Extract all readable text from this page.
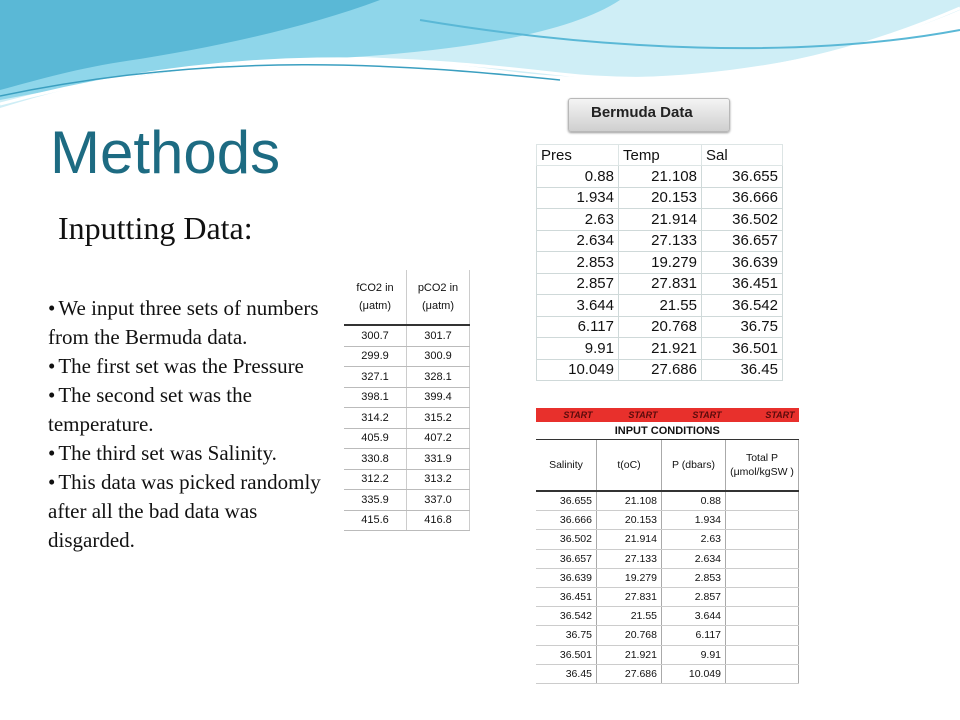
Methods
Inputting Data:
• We input three sets of numbers from the Bermuda data.
• The first set was the Pressure
• The second set was the temperature.
• The third set was Salinity.
• This data was picked randomly after all the bad data was disgarded.
Bermuda Data
Pres	Temp	Sal
0.88	21.108	36.655
1.934	20.153	36.666
2.63	21.914	36.502
2.634	27.133	36.657
2.853	19.279	36.639
2.857	27.831	36.451
3.644	21.55	36.542
6.117	20.768	36.75
9.91	21.921	36.501
10.049	27.686	36.45
fCO2 in (μatm)	pCO2 in (μatm)
300.7	301.7
299.9	300.9
327.1	328.1
398.1	399.4
314.2	315.2
405.9	407.2
330.8	331.9
312.2	313.2
335.9	337.0
415.6	416.8
START	START	START	START
INPUT CONDITIONS			
Salinity	t(oC)	P (dbars)	Total P (μmol/kgSW )
36.655	21.108	0.88	
36.666	20.153	1.934	
36.502	21.914	2.63	
36.657	27.133	2.634	
36.639	19.279	2.853	
36.451	27.831	2.857	
36.542	21.55	3.644	
36.75	20.768	6.117	
36.501	21.921	9.91	
36.45	27.686	10.049	
